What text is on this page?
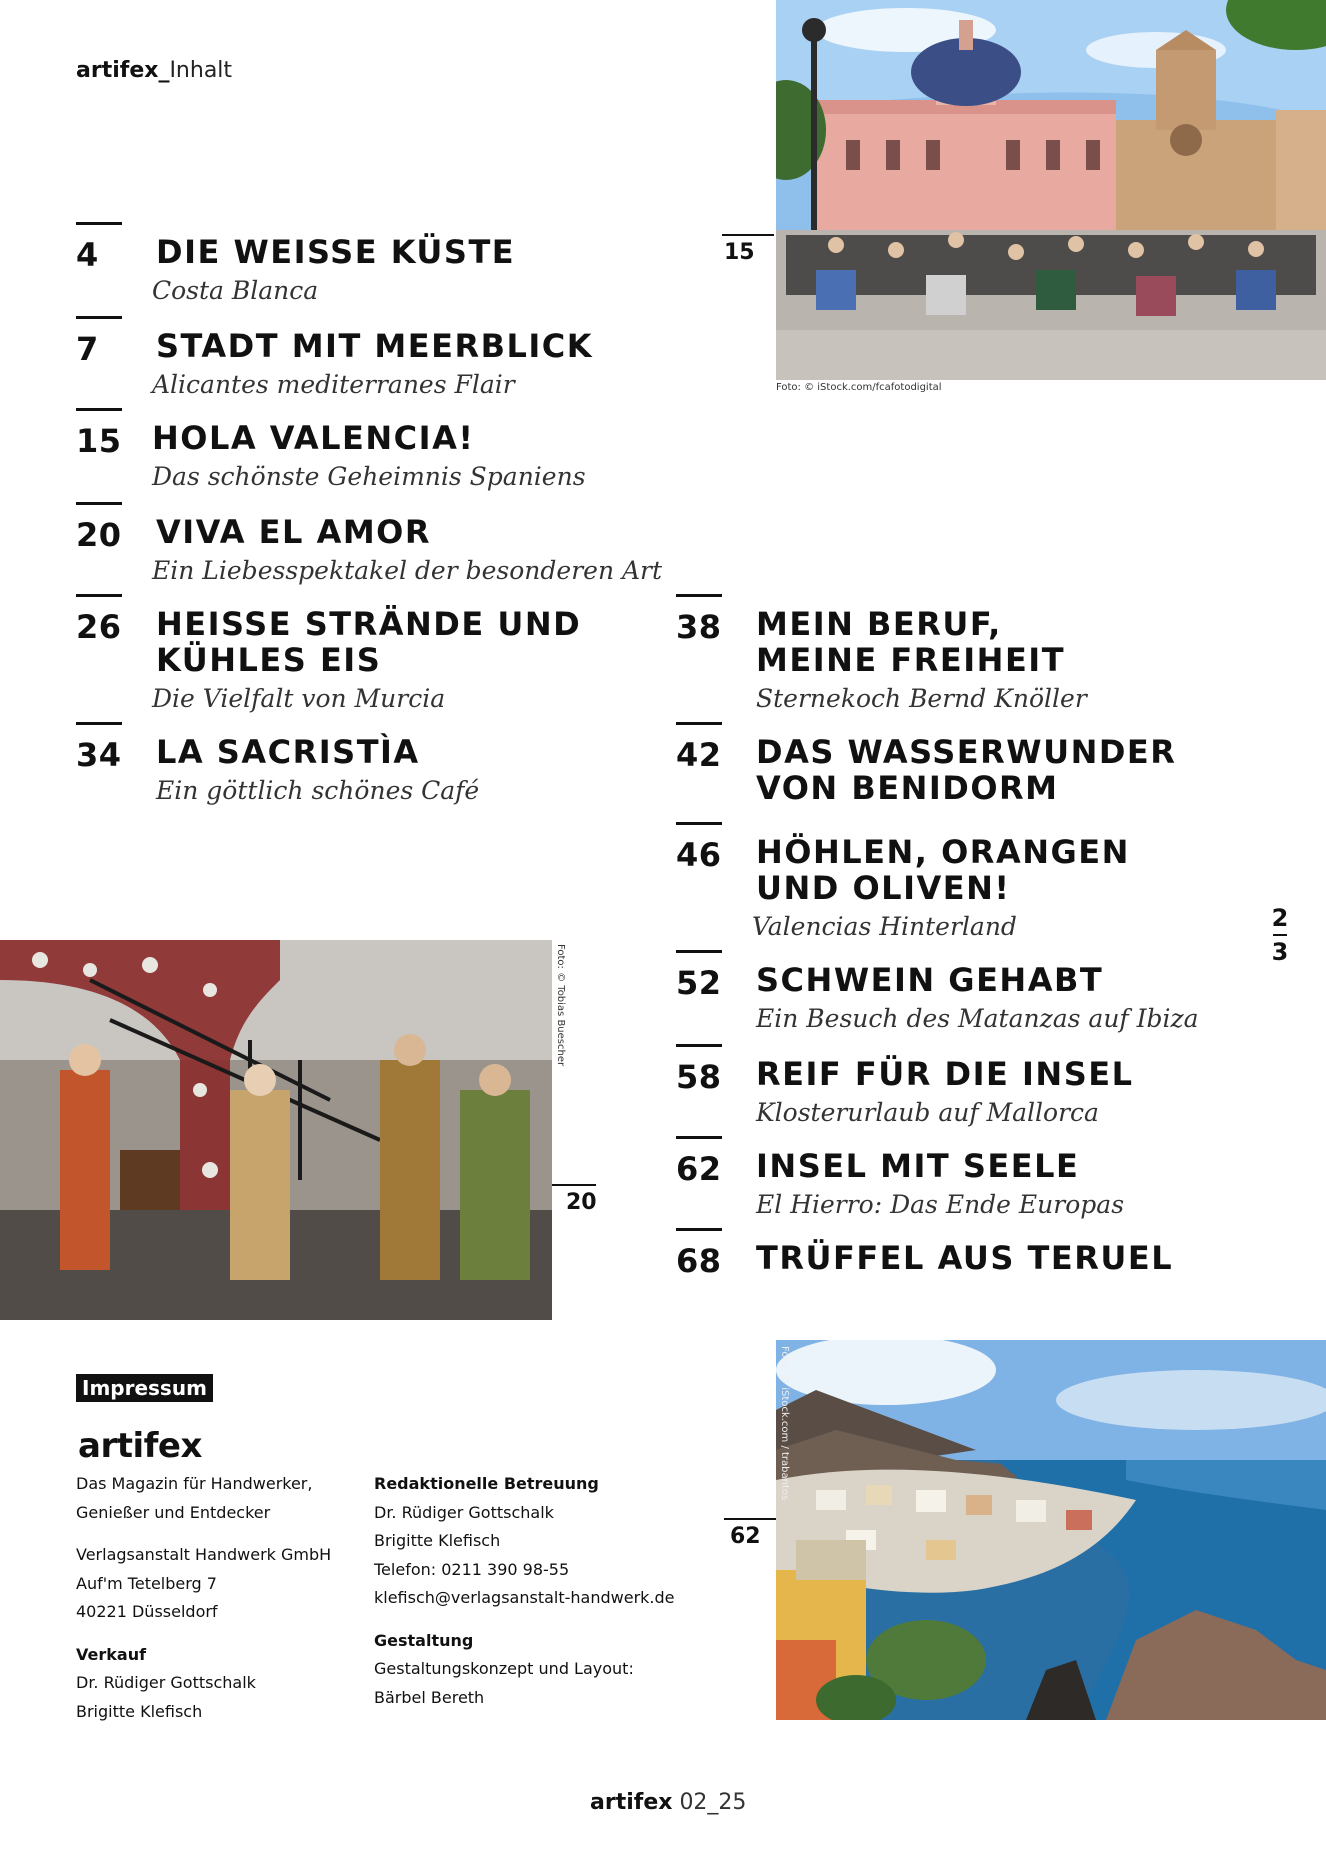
artifex_Inhalt
4 DIE WEISSE KÜSTE
Costa Blanca
7 STADT MIT MEERBLICK
Alicantes mediterranes Flair
15 HOLA VALENCIA!
Das schönste Geheimnis Spaniens
20 VIVA EL AMOR
Ein Liebesspektakel der besonderen Art
26 HEISSE STRÄNDE UND
KÜHLES EIS
Die Vielfalt von Murcia
34 LA SACRISTÌA
Ein göttlich schönes Café
38 MEIN BERUF,
MEINE FREIHEIT
Sternekoch Bernd Knöller
42 DAS WASSERWUNDER
VON BENIDORM
46 HÖHLEN, ORANGEN
UND OLIVEN!
Valencias Hinterland
52 SCHWEIN GEHABT
Ein Besuch des Matanzas auf Ibiza
58 REIF FÜR DIE INSEL
Klosterurlaub auf Mallorca
62 INSEL MIT SEELE
El Hierro: Das Ende Europas
68 TRÜFFEL AUS TERUEL
15
Foto: © iStock.com/fcafotodigital
Foto: © Tobias Buescher
20
2
3
Foto: © iStock.com / trabantos
62
Impressum
artifex

Das Magazin für Handwerker,

Genießer und Entdecker

Verlagsanstalt Handwerk GmbH

Auf'm Tetelberg 7

40221 Düsseldorf

Verkauf

Dr. Rüdiger Gottschalk

Brigitte Klefisch

Redaktionelle Betreuung

Dr. Rüdiger Gottschalk

Brigitte Klefisch

Telefon: 0211 390 98-55

klefisch@verlagsanstalt-handwerk.de

Gestaltung

Gestaltungskonzept und Layout:

Bärbel Bereth

artifex 02_25
